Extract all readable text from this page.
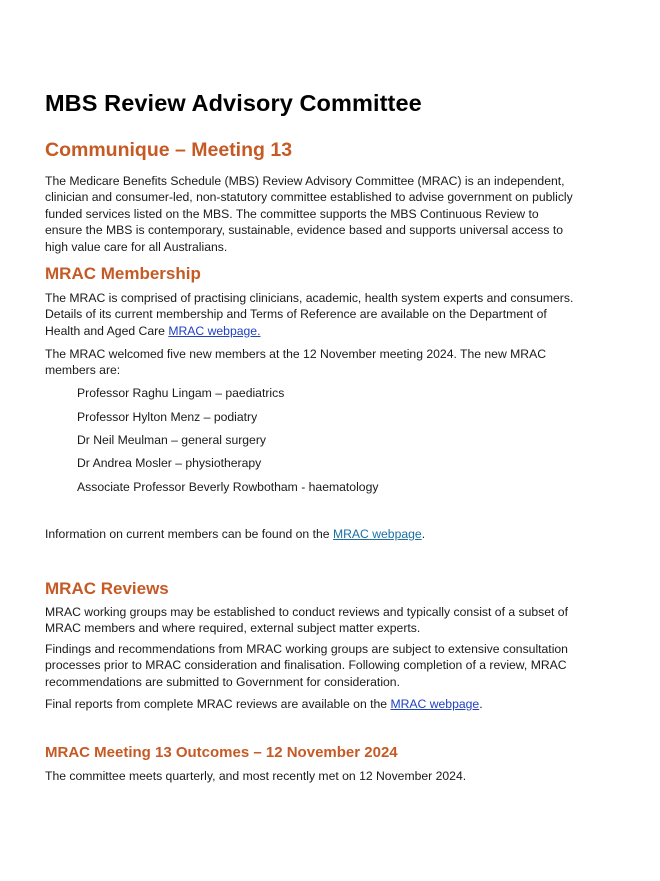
MBS Review Advisory Committee
Communique – Meeting 13

The Medicare Benefits Schedule (MBS) Review Advisory Committee (MRAC) is an independent,
clinician and consumer-led, non-statutory committee established to advise government on publicly
funded services listed on the MBS. The committee supports the MBS Continuous Review to
ensure the MBS is contemporary, sustainable, evidence based and supports universal access to
high value care for all Australians.

MRAC Membership

The MRAC is comprised of practising clinicians, academic, health system experts and consumers.
Details of its current membership and Terms of Reference are available on the Department of
Health and Aged Care MRAC webpage.

The MRAC welcomed five new members at the 12 November meeting 2024. The new MRAC
members are:

Professor Raghu Lingam – paediatrics
Professor Hylton Menz – podiatry
Dr Neil Meulman – general surgery
Dr Andrea Mosler – physiotherapy
Associate Professor Beverly Rowbotham - haematology

Information on current members can be found on the MRAC webpage.

MRAC Reviews

MRAC working groups may be established to conduct reviews and typically consist of a subset of
MRAC members and where required, external subject matter experts.

Findings and recommendations from MRAC working groups are subject to extensive consultation
processes prior to MRAC consideration and finalisation. Following completion of a review, MRAC
recommendations are submitted to Government for consideration.

Final reports from complete MRAC reviews are available on the MRAC webpage.

MRAC Meeting 13 Outcomes – 12 November 2024

The committee meets quarterly, and most recently met on 12 November 2024.
